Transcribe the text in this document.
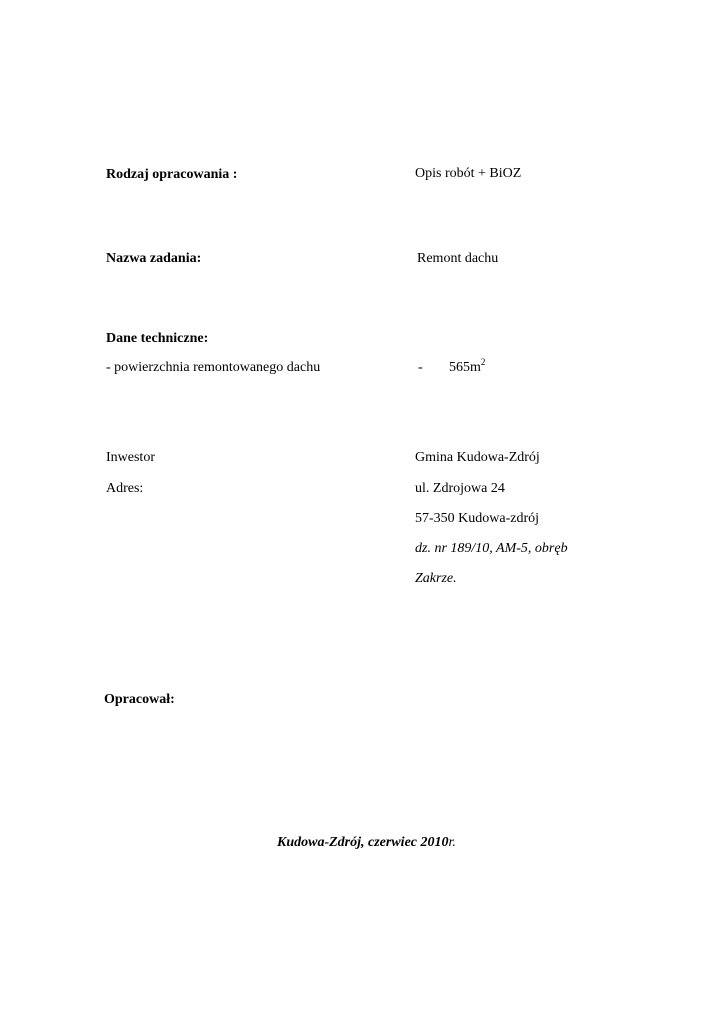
Rodzaj opracowania :	Opis robót + BiOZ
Nazwa zadania:	Remont dachu
Dane techniczne:
- powierzchnia remontowanego dachu	- $565m^2$
Inwestor	Gmina Kudowa-Zdrój
Adres:	ul. Zdrojowa 24
57-350 Kudowa-zdrój
dz. nr 189/10, AM-5, obręb
Zakrze.
Opracował:
Kudowa-Zdrój, czerwiec 2010r.
